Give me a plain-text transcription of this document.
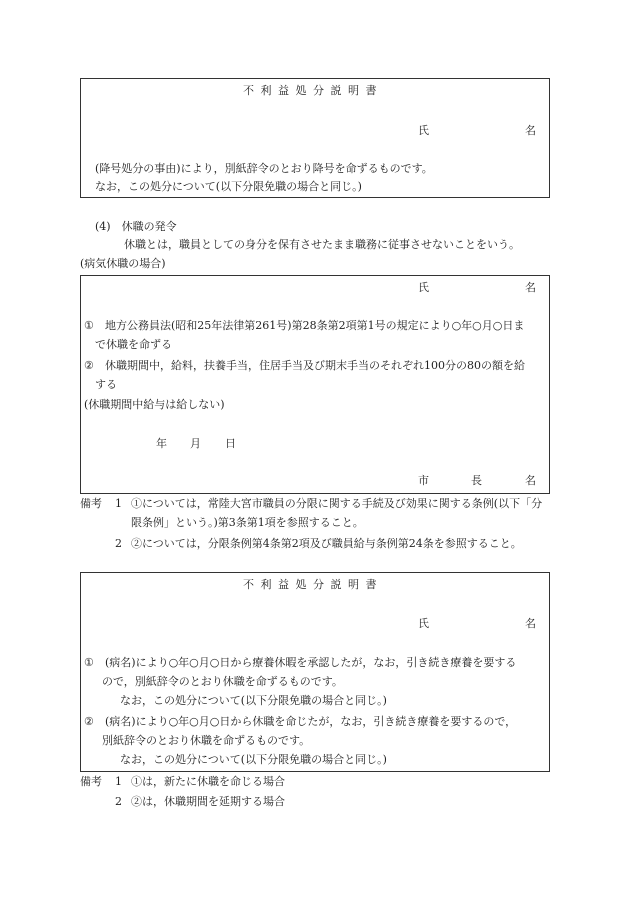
不利益処分説明書
氏	名
(降号処分の事由)により，別紙辞令のとおり降号を命ずるものです。
なお，この処分について(以下分限免職の場合と同じ。)
(4)　休職の発令
休職とは，職員としての身分を保有させたまま職務に従事させないことをいう。
(病気休職の場合)
氏	名
① 地方公務員法(昭和25年法律第261号)第28条第2項第1号の規定により○年○月○日ま
で休職を命ずる
② 休職期間中，給料，扶養手当，住居手当及び期末手当のそれぞれ100分の80の額を給
する
(休職期間中給与は給しない)
年 月 日
市	長	名
備考 1 ①については，常陸大宮市職員の分限に関する手続及び効果に関する条例(以下「分
限条例」という。)第3条第1項を参照すること。
2 ②については，分限条例第4条第2項及び職員給与条例第24条を参照すること。
不利益処分説明書
氏	名
① (病名)により○年○月○日から療養休暇を承認したが，なお，引き続き療養を要する
ので，別紙辞令のとおり休職を命ずるものです。
なお，この処分について(以下分限免職の場合と同じ。)
② (病名)により○年○月○日から休職を命じたが，なお，引き続き療養を要するので，
別紙辞令のとおり休職を命ずるものです。
なお，この処分について(以下分限免職の場合と同じ。)
備考 1 ①は，新たに休職を命じる場合
2 ②は，休職期間を延期する場合
